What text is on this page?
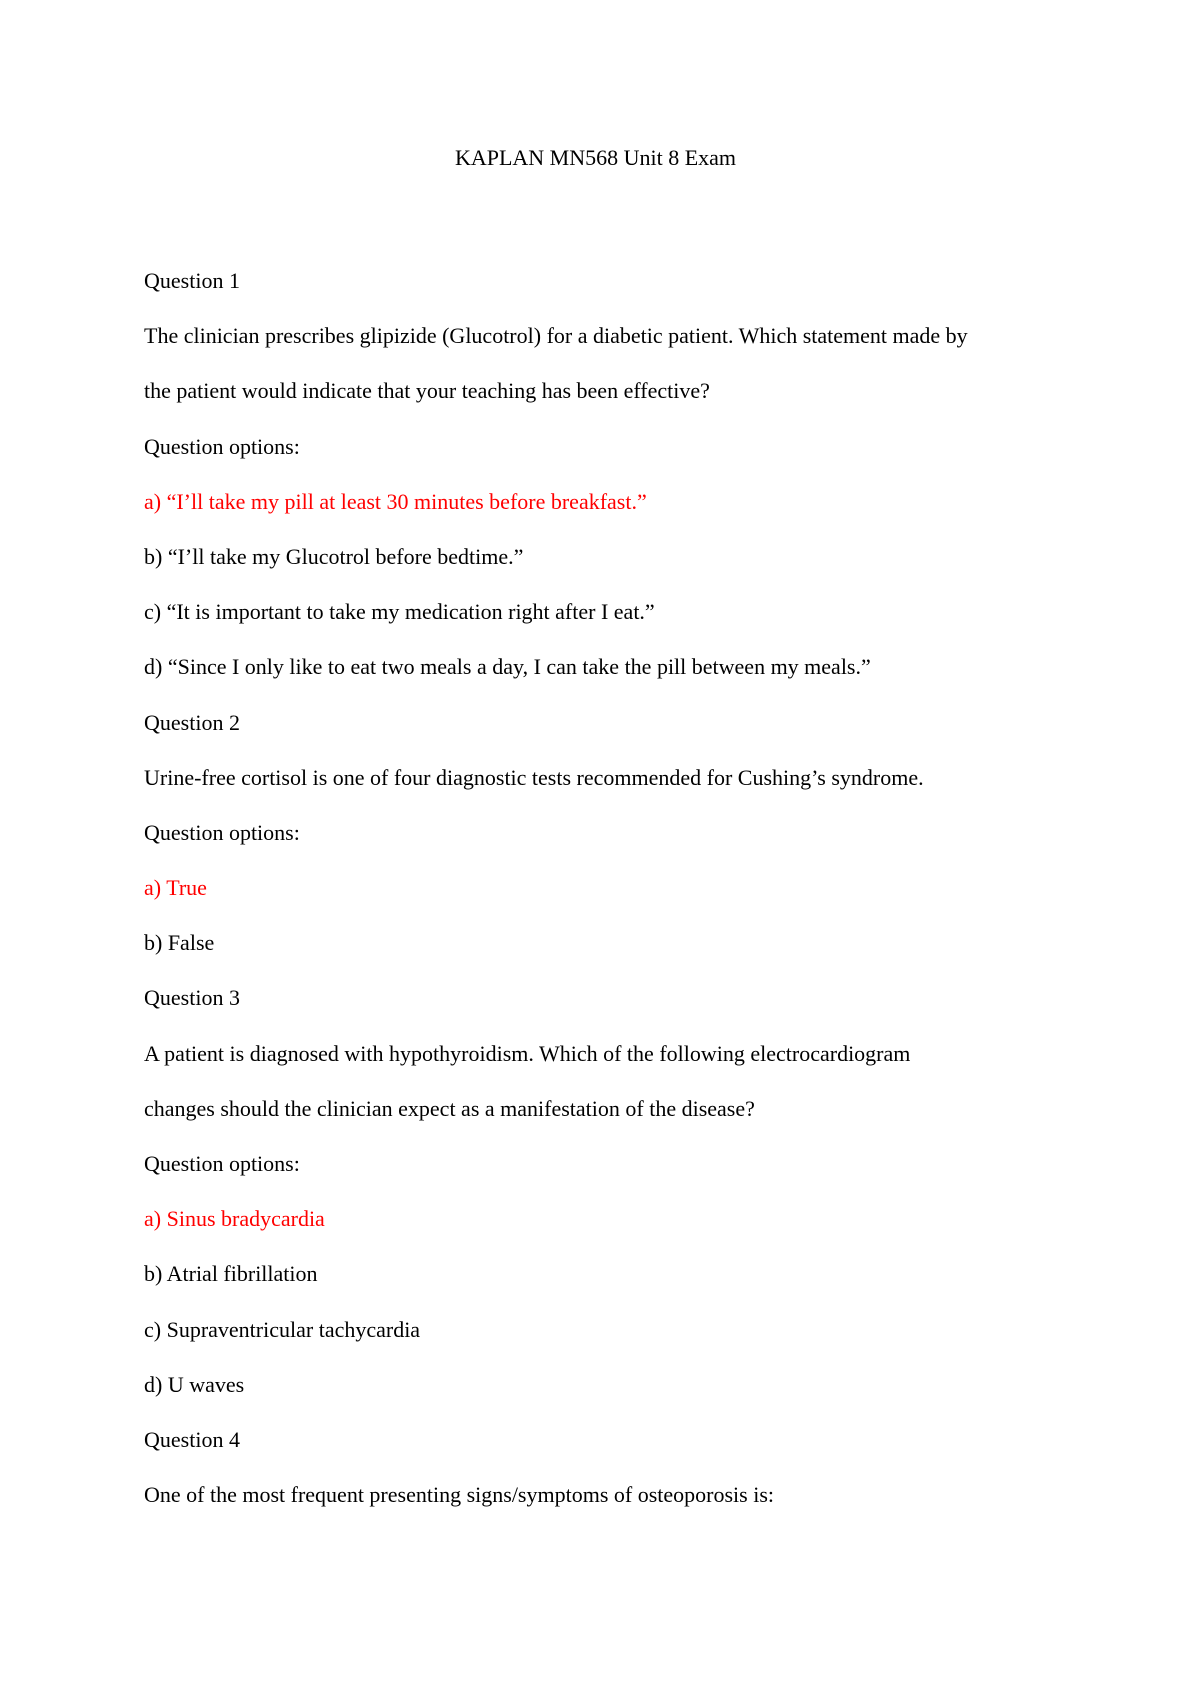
KAPLAN MN568 Unit 8 Exam
Question 1
The clinician prescribes glipizide (Glucotrol) for a diabetic patient. Which statement made by
the patient would indicate that your teaching has been effective?
Question options:
a) “I’ll take my pill at least 30 minutes before breakfast.”
b) “I’ll take my Glucotrol before bedtime.”
c) “It is important to take my medication right after I eat.”
d) “Since I only like to eat two meals a day, I can take the pill between my meals.”
Question 2
Urine-free cortisol is one of four diagnostic tests recommended for Cushing’s syndrome.
Question options:
a) True
b) False
Question 3
A patient is diagnosed with hypothyroidism. Which of the following electrocardiogram
changes should the clinician expect as a manifestation of the disease?
Question options:
a) Sinus bradycardia
b) Atrial fibrillation
c) Supraventricular tachycardia
d) U waves
Question 4
One of the most frequent presenting signs/symptoms of osteoporosis is:
